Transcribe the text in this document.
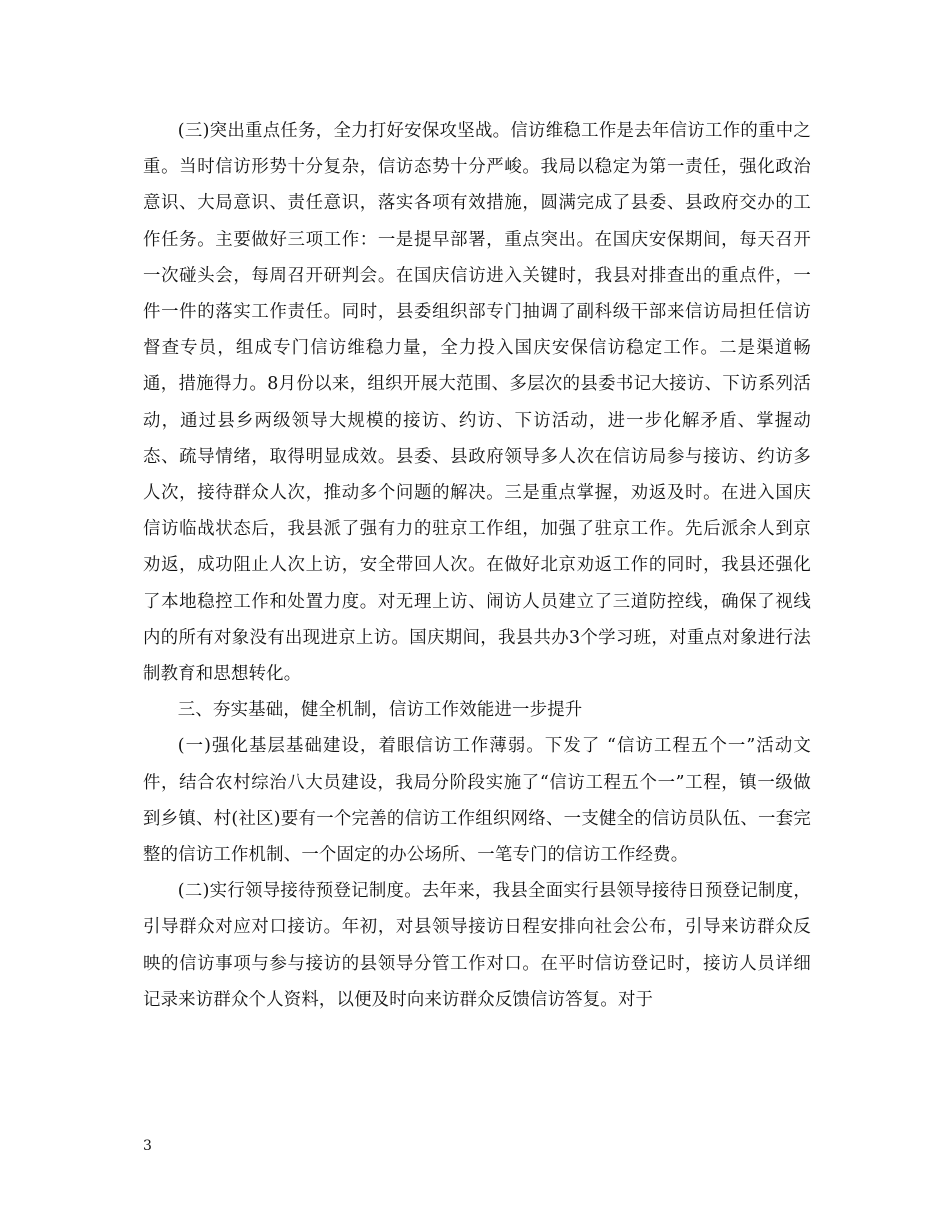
(三)突出重点任务，全力打好安保攻坚战。信访维稳工作是去年信访工作的重中之重。当时信访形势十分复杂，信访态势十分严峻。我局以稳定为第一责任，强化政治意识、大局意识、责任意识，落实各项有效措施，圆满完成了县委、县政府交办的工作任务。主要做好三项工作：一是提早部署，重点突出。在国庆安保期间，每天召开一次碰头会，每周召开研判会。在国庆信访进入关键时，我县对排查出的重点件，一件一件的落实工作责任。同时，县委组织部专门抽调了副科级干部来信访局担任信访督查专员，组成专门信访维稳力量，全力投入国庆安保信访稳定工作。二是渠道畅通，措施得力。8月份以来，组织开展大范围、多层次的县委书记大接访、下访系列活动，通过县乡两级领导大规模的接访、约访、下访活动，进一步化解矛盾、掌握动态、疏导情绪，取得明显成效。县委、县政府领导多人次在信访局参与接访、约访多人次，接待群众人次，推动多个问题的解决。三是重点掌握，劝返及时。在进入国庆信访临战状态后，我县派了强有力的驻京工作组，加强了驻京工作。先后派余人到京劝返，成功阻止人次上访，安全带回人次。在做好北京劝返工作的同时，我县还强化了本地稳控工作和处置力度。对无理上访、闹访人员建立了三道防控线，确保了视线内的所有对象没有出现进京上访。国庆期间，我县共办3个学习班，对重点对象进行法制教育和思想转化。

三、夯实基础，健全机制，信访工作效能进一步提升

(一)强化基层基础建设，着眼信访工作薄弱。下发了 “信访工程五个一”活动文件，结合农村综治八大员建设，我局分阶段实施了“信访工程五个一”工程，镇一级做到乡镇、村(社区)要有一个完善的信访工作组织网络、一支健全的信访员队伍、一套完整的信访工作机制、一个固定的办公场所、一笔专门的信访工作经费。

(二)实行领导接待预登记制度。去年来，我县全面实行县领导接待日预登记制度，引导群众对应对口接访。年初，对县领导接访日程安排向社会公布，引导来访群众反映的信访事项与参与接访的县领导分管工作对口。在平时信访登记时，接访人员详细记录来访群众个人资料，以便及时向来访群众反馈信访答复。对于

3
